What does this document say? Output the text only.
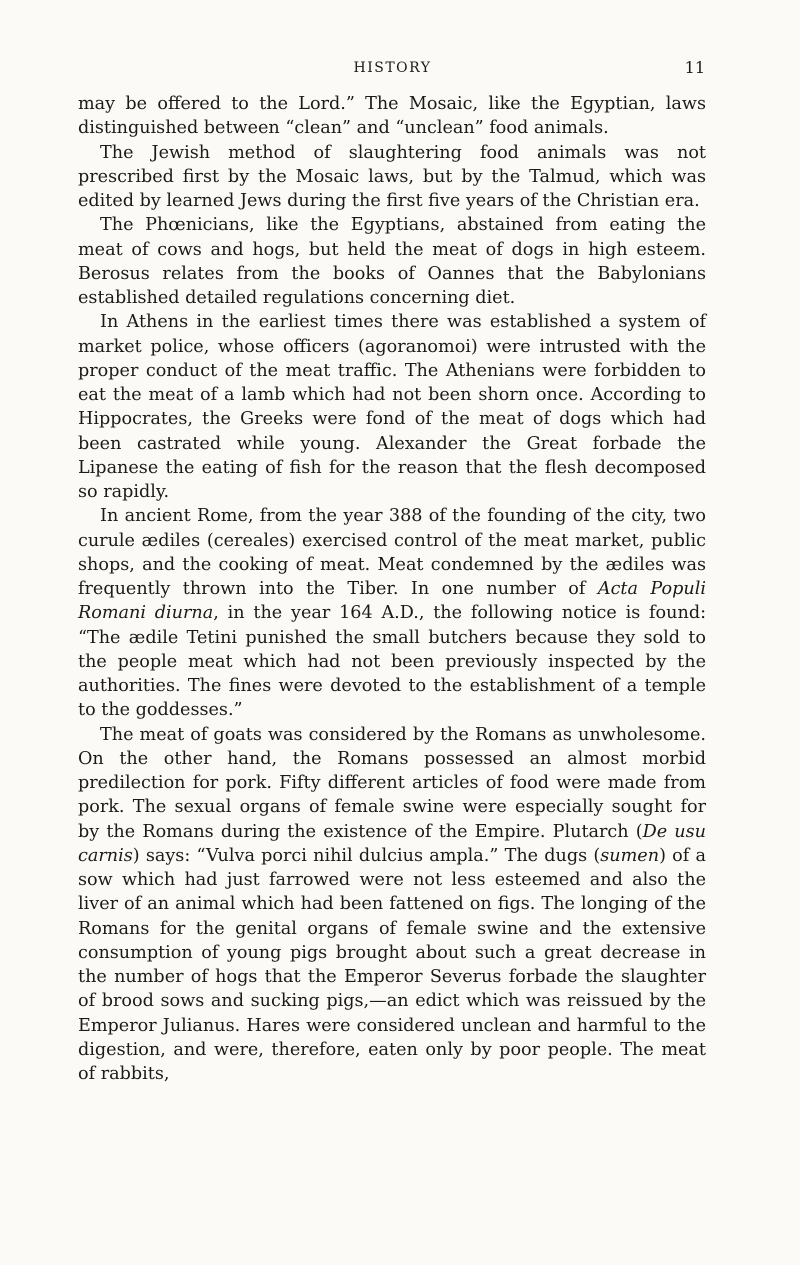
HISTORY	11

may be offered to the Lord.” The Mosaic, like the Egyptian, laws distinguished between “clean” and “unclean” food animals.

The Jewish method of slaughtering food animals was not prescribed first by the Mosaic laws, but by the Talmud, which was edited by learned Jews during the first five years of the Christian era.

The Phœnicians, like the Egyptians, abstained from eating the meat of cows and hogs, but held the meat of dogs in high esteem. Berosus relates from the books of Oannes that the Babylonians established detailed regulations concerning diet.

In Athens in the earliest times there was established a system of market police, whose officers (agoranomoi) were intrusted with the proper conduct of the meat traffic. The Athenians were forbidden to eat the meat of a lamb which had not been shorn once. According to Hippocrates, the Greeks were fond of the meat of dogs which had been castrated while young. Alexander the Great forbade the Lipanese the eating of fish for the reason that the flesh decomposed so rapidly.

In ancient Rome, from the year 388 of the founding of the city, two curule ædiles (cereales) exercised control of the meat market, public shops, and the cooking of meat. Meat condemned by the ædiles was frequently thrown into the Tiber. In one number of Acta Populi Romani diurna, in the year 164 A.D., the following notice is found: “The ædile Tetini punished the small butchers because they sold to the people meat which had not been previously inspected by the authorities. The fines were devoted to the establishment of a temple to the goddesses.”

The meat of goats was considered by the Romans as unwholesome. On the other hand, the Romans possessed an almost morbid predilection for pork. Fifty different articles of food were made from pork. The sexual organs of female swine were especially sought for by the Romans during the existence of the Empire. Plutarch (De usu carnis) says: “Vulva porci nihil dulcius ampla.” The dugs (sumen) of a sow which had just farrowed were not less esteemed and also the liver of an animal which had been fattened on figs. The longing of the Romans for the genital organs of female swine and the extensive consumption of young pigs brought about such a great decrease in the number of hogs that the Emperor Severus forbade the slaughter of brood sows and sucking pigs,—an edict which was reissued by the Emperor Julianus. Hares were considered unclean and harmful to the digestion, and were, therefore, eaten only by poor people. The meat of rabbits,
